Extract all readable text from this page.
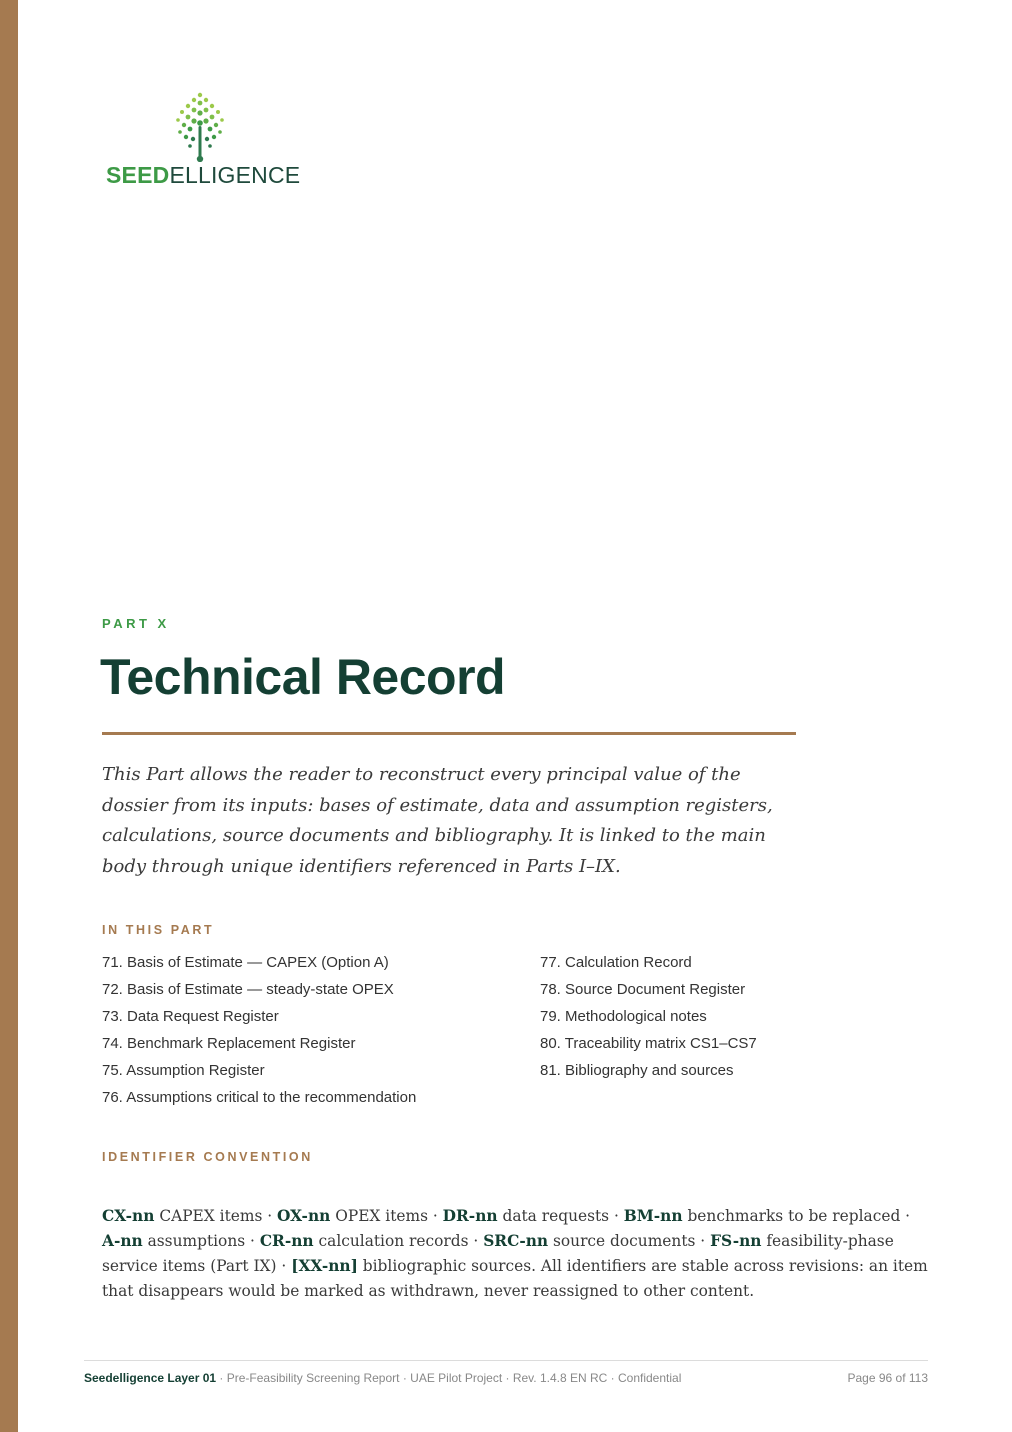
SEEDELLIGENCE
PART X
Technical Record

This Part allows the reader to reconstruct every principal value of the dossier from its inputs: bases of estimate, data and assumption registers, calculations, source documents and bibliography. It is linked to the main body through unique identifiers referenced in Parts I–IX.

IN THIS PART
71. Basis of Estimate — CAPEX (Option A)
72. Basis of Estimate — steady-state OPEX
73. Data Request Register
74. Benchmark Replacement Register
75. Assumption Register
76. Assumptions critical to the recommendation
77. Calculation Record
78. Source Document Register
79. Methodological notes
80. Traceability matrix CS1–CS7
81. Bibliography and sources
IDENTIFIER CONVENTION

CX-nn CAPEX items · OX-nn OPEX items · DR-nn data requests · BM-nn benchmarks to be replaced · A-nn assumptions · CR-nn calculation records · SRC-nn source documents · FS-nn feasibility-phase service items (Part IX) · [XX-nn] bibliographic sources. All identifiers are stable across revisions: an item that disappears would be marked as withdrawn, never reassigned to other content.

Seedelligence Layer 01 · Pre-Feasibility Screening Report · UAE Pilot Project · Rev. 1.4.8 EN RC · Confidential	Page 96 of 113
